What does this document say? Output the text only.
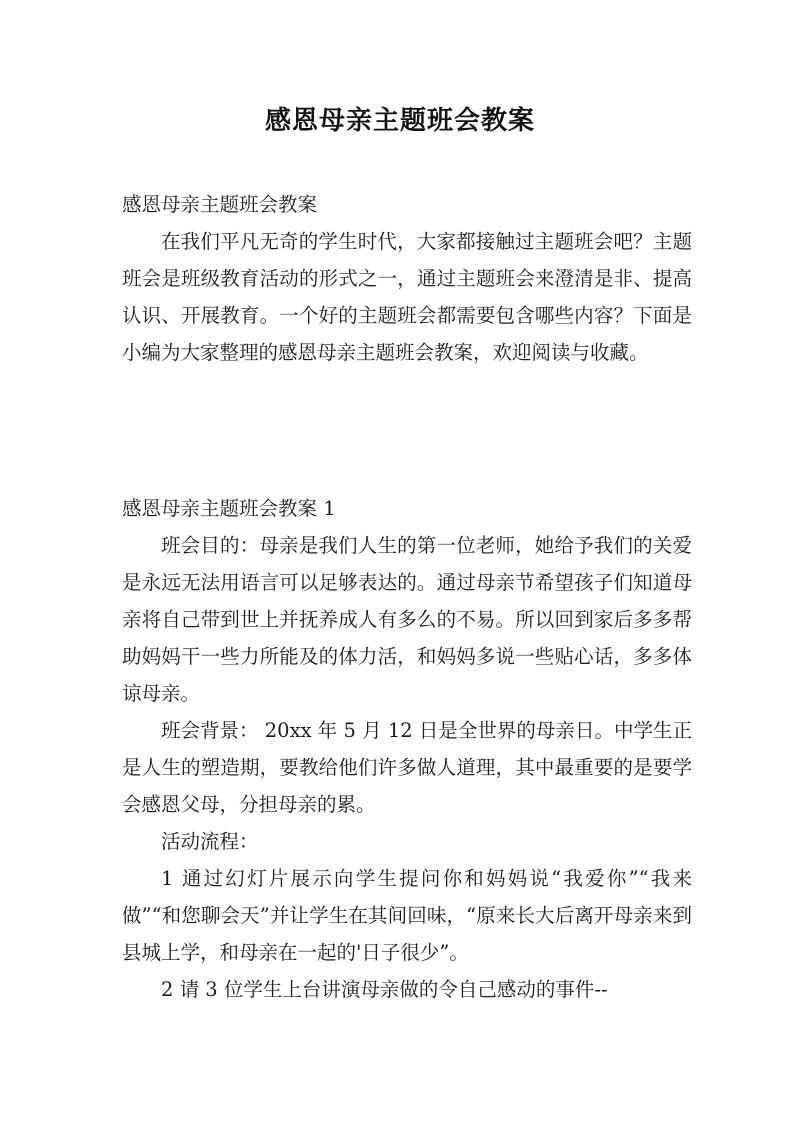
感恩母亲主题班会教案

感恩母亲主题班会教案

在我们平凡无奇的学生时代，大家都接触过主题班会吧？主题班会是班级教育活动的形式之一，通过主题班会来澄清是非、提高认识、开展教育。一个好的主题班会都需要包含哪些内容？下面是小编为大家整理的感恩母亲主题班会教案，欢迎阅读与收藏。

感恩母亲主题班会教案 1

班会目的：母亲是我们人生的第一位老师，她给予我们的关爱是永远无法用语言可以足够表达的。通过母亲节希望孩子们知道母亲将自己带到世上并抚养成人有多么的不易。所以回到家后多多帮助妈妈干一些力所能及的体力活，和妈妈多说一些贴心话，多多体谅母亲。

班会背景： 20xx 年 5 月 12 日是全世界的母亲日。中学生正是人生的塑造期，要教给他们许多做人道理，其中最重要的是要学会感恩父母，分担母亲的累。

活动流程：

1 通过幻灯片展示向学生提问你和妈妈说“我爱你”“我来做”“和您聊会天”并让学生在其间回味，“原来长大后离开母亲来到县城上学，和母亲在一起的'日子很少”。

2 请 3 位学生上台讲演母亲做的令自己感动的事件--
